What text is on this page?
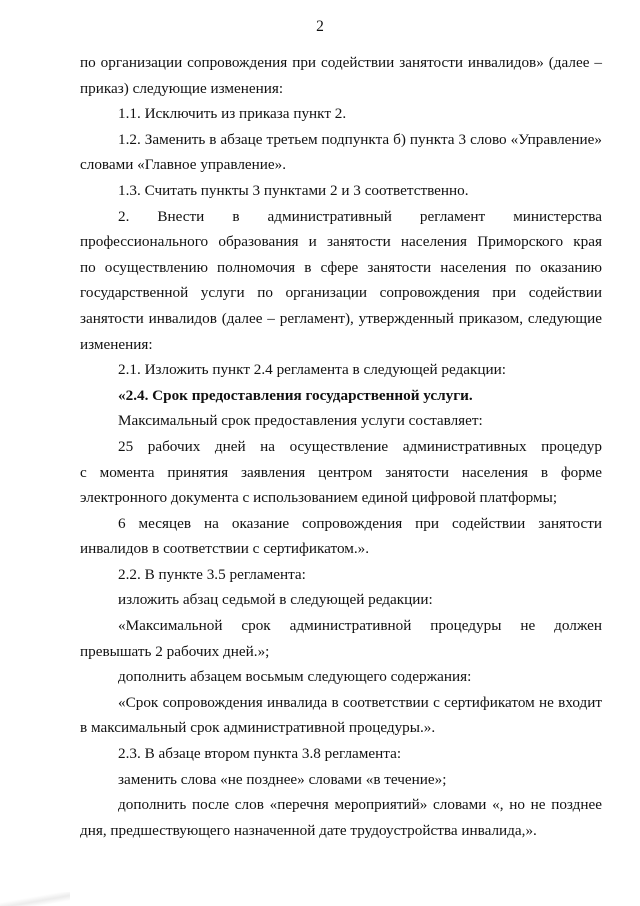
2
по организации сопровождения при содействии занятости инвалидов» (далее –
приказ) следующие изменения:
1.1. Исключить из приказа пункт 2.
1.2. Заменить в абзаце третьем подпункта б) пункта 3 слово «Управление»
словами «Главное управление».
1.3. Считать пункты 3 пунктами 2 и 3 соответственно.
2. Внести в административный регламент министерства
профессионального образования и занятости населения Приморского края
по осуществлению полномочия в сфере занятости населения по оказанию
государственной услуги по организации сопровождения при содействии
занятости инвалидов (далее – регламент), утвержденный приказом, следующие
изменения:
2.1. Изложить пункт 2.4 регламента в следующей редакции:
«2.4. Срок предоставления государственной услуги.
Максимальный срок предоставления услуги составляет:
25 рабочих дней на осуществление административных процедур
с момента принятия заявления центром занятости населения в форме
электронного документа с использованием единой цифровой платформы;
6 месяцев на оказание сопровождения при содействии занятости
инвалидов в соответствии с сертификатом.».
2.2. В пункте 3.5 регламента:
изложить абзац седьмой в следующей редакции:
«Максимальной срок административной процедуры не должен
превышать 2 рабочих дней.»;
дополнить абзацем восьмым следующего содержания:
«Срок сопровождения инвалида в соответствии с сертификатом не входит
в максимальный срок административной процедуры.».
2.3. В абзаце втором пункта 3.8 регламента:
заменить слова «не позднее» словами «в течение»;
дополнить после слов «перечня мероприятий» словами «, но не позднее
дня, предшествующего назначенной дате трудоустройства инвалида,».
